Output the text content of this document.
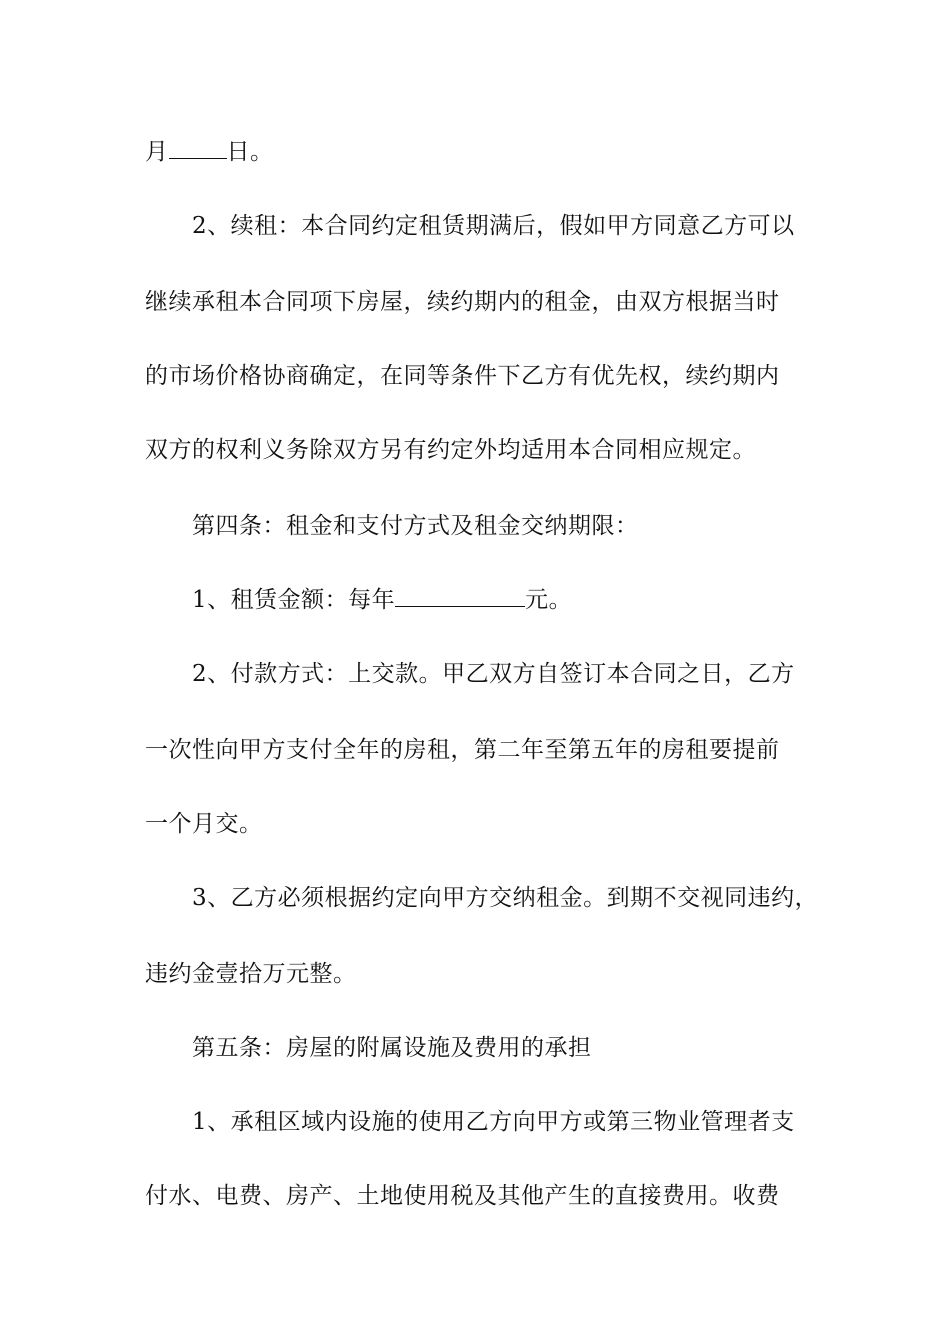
月	日。
2、续租：本合同约定租赁期满后，假如甲方同意乙方可以
继续承租本合同项下房屋，续约期内的租金，由双方根据当时
的市场价格协商确定，在同等条件下乙方有优先权，续约期内
双方的权利义务除双方另有约定外均适用本合同相应规定。
第四条：租金和支付方式及租金交纳期限：
1、租赁金额：每年	元。
2、付款方式：上交款。甲乙双方自签订本合同之日，乙方
一次性向甲方支付全年的房租，第二年至第五年的房租要提前
一个月交。
3、乙方必须根据约定向甲方交纳租金。到期不交视同违约，
违约金壹拾万元整。
第五条：房屋的附属设施及费用的承担
1、承租区域内设施的使用乙方向甲方或第三物业管理者支
付水、电费、房产、土地使用税及其他产生的直接费用。收费
